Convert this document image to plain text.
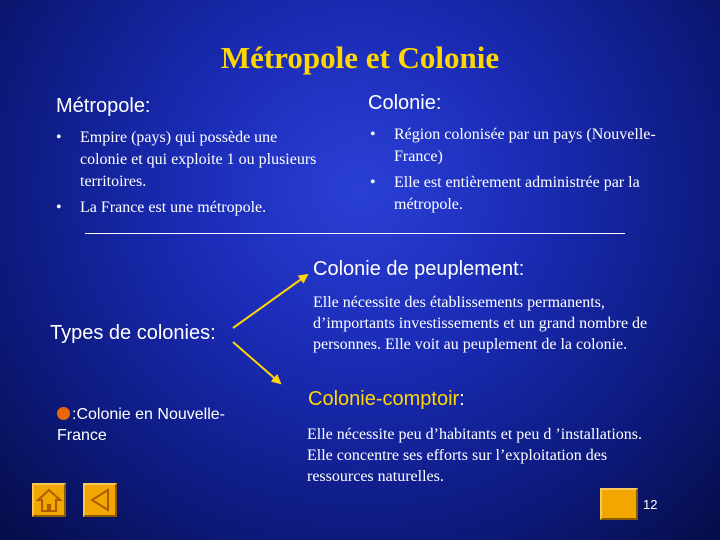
Métropole et Colonie
Métropole:
• Empire (pays) qui possède une colonie et qui exploite 1 ou plusieurs territoires.
• La France est une métropole.
Colonie:
• Région colonisée par un pays (Nouvelle-France)
• Elle est entièrement administrée par la métropole.
Types de colonies:
:Colonie en Nouvelle-France
Colonie de peuplement:
Elle nécessite des établissements permanents, d’importants investissements et un grand nombre de personnes. Elle voit au peuplement de la colonie.
Colonie-comptoir:
Elle nécessite peu d’habitants et peu d ’installations. Elle concentre ses efforts sur l’exploitation des ressources naturelles.
12
